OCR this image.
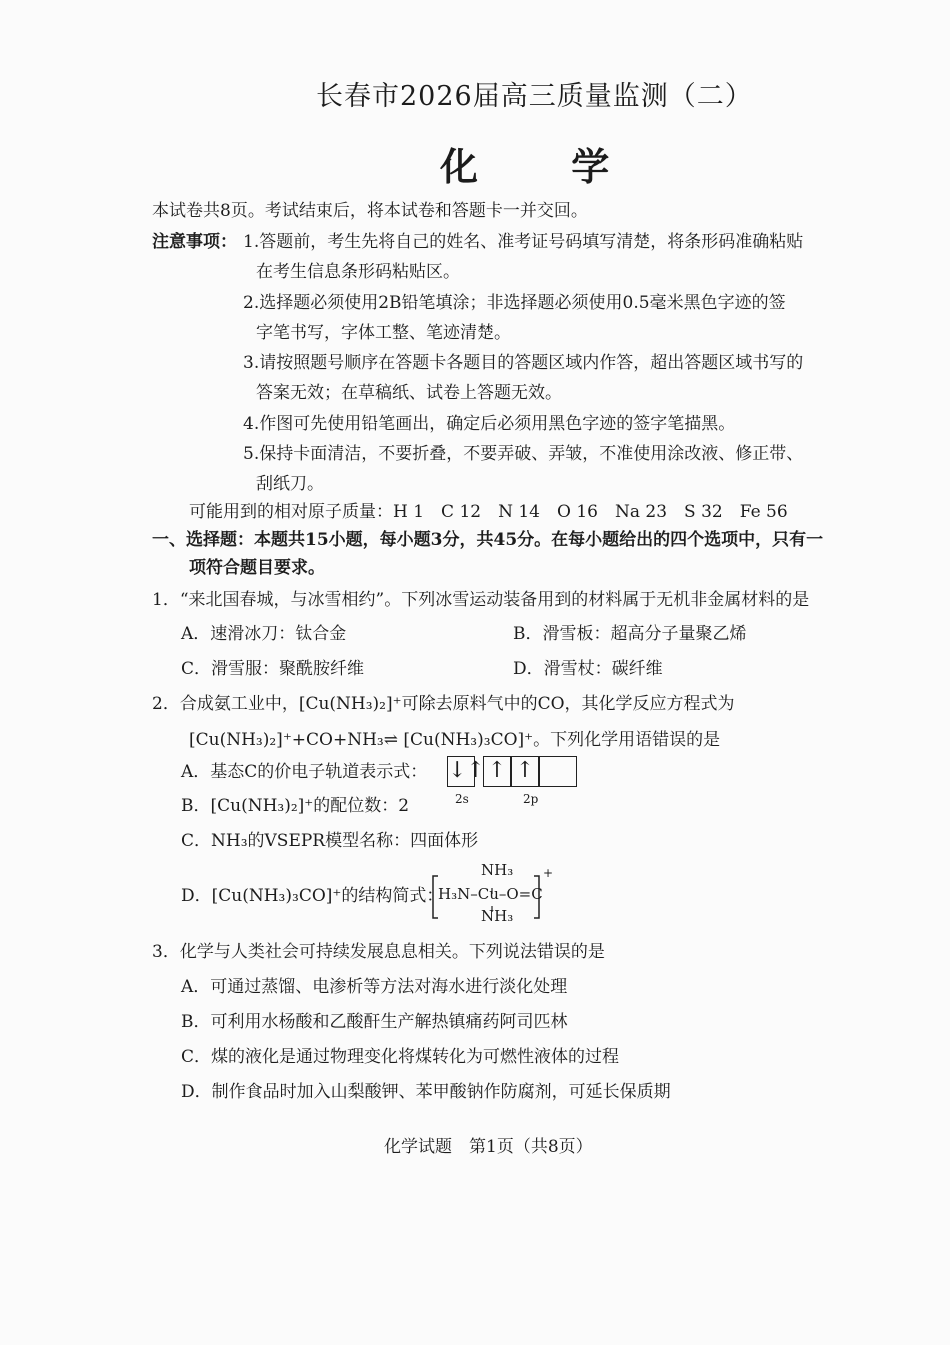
长春市2026届高三质量监测（二）
化 学
本试卷共8页。考试结束后，将本试卷和答题卡一并交回。
注意事项： 1.答题前，考生先将自己的姓名、准考证号码填写清楚，将条形码准确粘贴
在考生信息条形码粘贴区。
2.选择题必须使用2B铅笔填涂；非选择题必须使用0.5毫米黑色字迹的签
字笔书写，字体工整、笔迹清楚。
3.请按照题号顺序在答题卡各题目的答题区域内作答，超出答题区域书写的
答案无效；在草稿纸、试卷上答题无效。
4.作图可先使用铅笔画出，确定后必须用黑色字迹的签字笔描黑。
5.保持卡面清洁，不要折叠，不要弄破、弄皱，不准使用涂改液、修正带、
刮纸刀。
可能用到的相对原子质量：H 1　C 12　N 14　O 16　Na 23　S 32　Fe 56
一、选择题：本题共15小题，每小题3分，共45分。在每小题给出的四个选项中，只有一
项符合题目要求。
1．“来北国春城，与冰雪相约”。下列冰雪运动装备用到的材料属于无机非金属材料的是
A．速滑冰刀：钛合金	B．滑雪板：超高分子量聚乙烯
C．滑雪服：聚酰胺纤维	D．滑雪杖：碳纤维
2．合成氨工业中，[Cu(NH₃)₂]⁺可除去原料气中的CO，其化学反应方程式为
[Cu(NH₃)₂]⁺+CO+NH₃⇌ [Cu(NH₃)₃CO]⁺。下列化学用语错误的是
A．基态C的价电子轨道表示式： ↓↑ ↑ ↑
2s	2p
B．[Cu(NH₃)₂]⁺的配位数：2
C．NH₃的VSEPR模型名称：四面体形
D．[Cu(NH₃)₃CO]⁺的结构简式：
NH₃
H₃N–Cu–O=C
NH₃
+
3．化学与人类社会可持续发展息息相关。下列说法错误的是
A．可通过蒸馏、电渗析等方法对海水进行淡化处理
B．可利用水杨酸和乙酸酐生产解热镇痛药阿司匹林
C．煤的液化是通过物理变化将煤转化为可燃性液体的过程
D．制作食品时加入山梨酸钾、苯甲酸钠作防腐剂，可延长保质期
化学试题　第1页（共8页）
